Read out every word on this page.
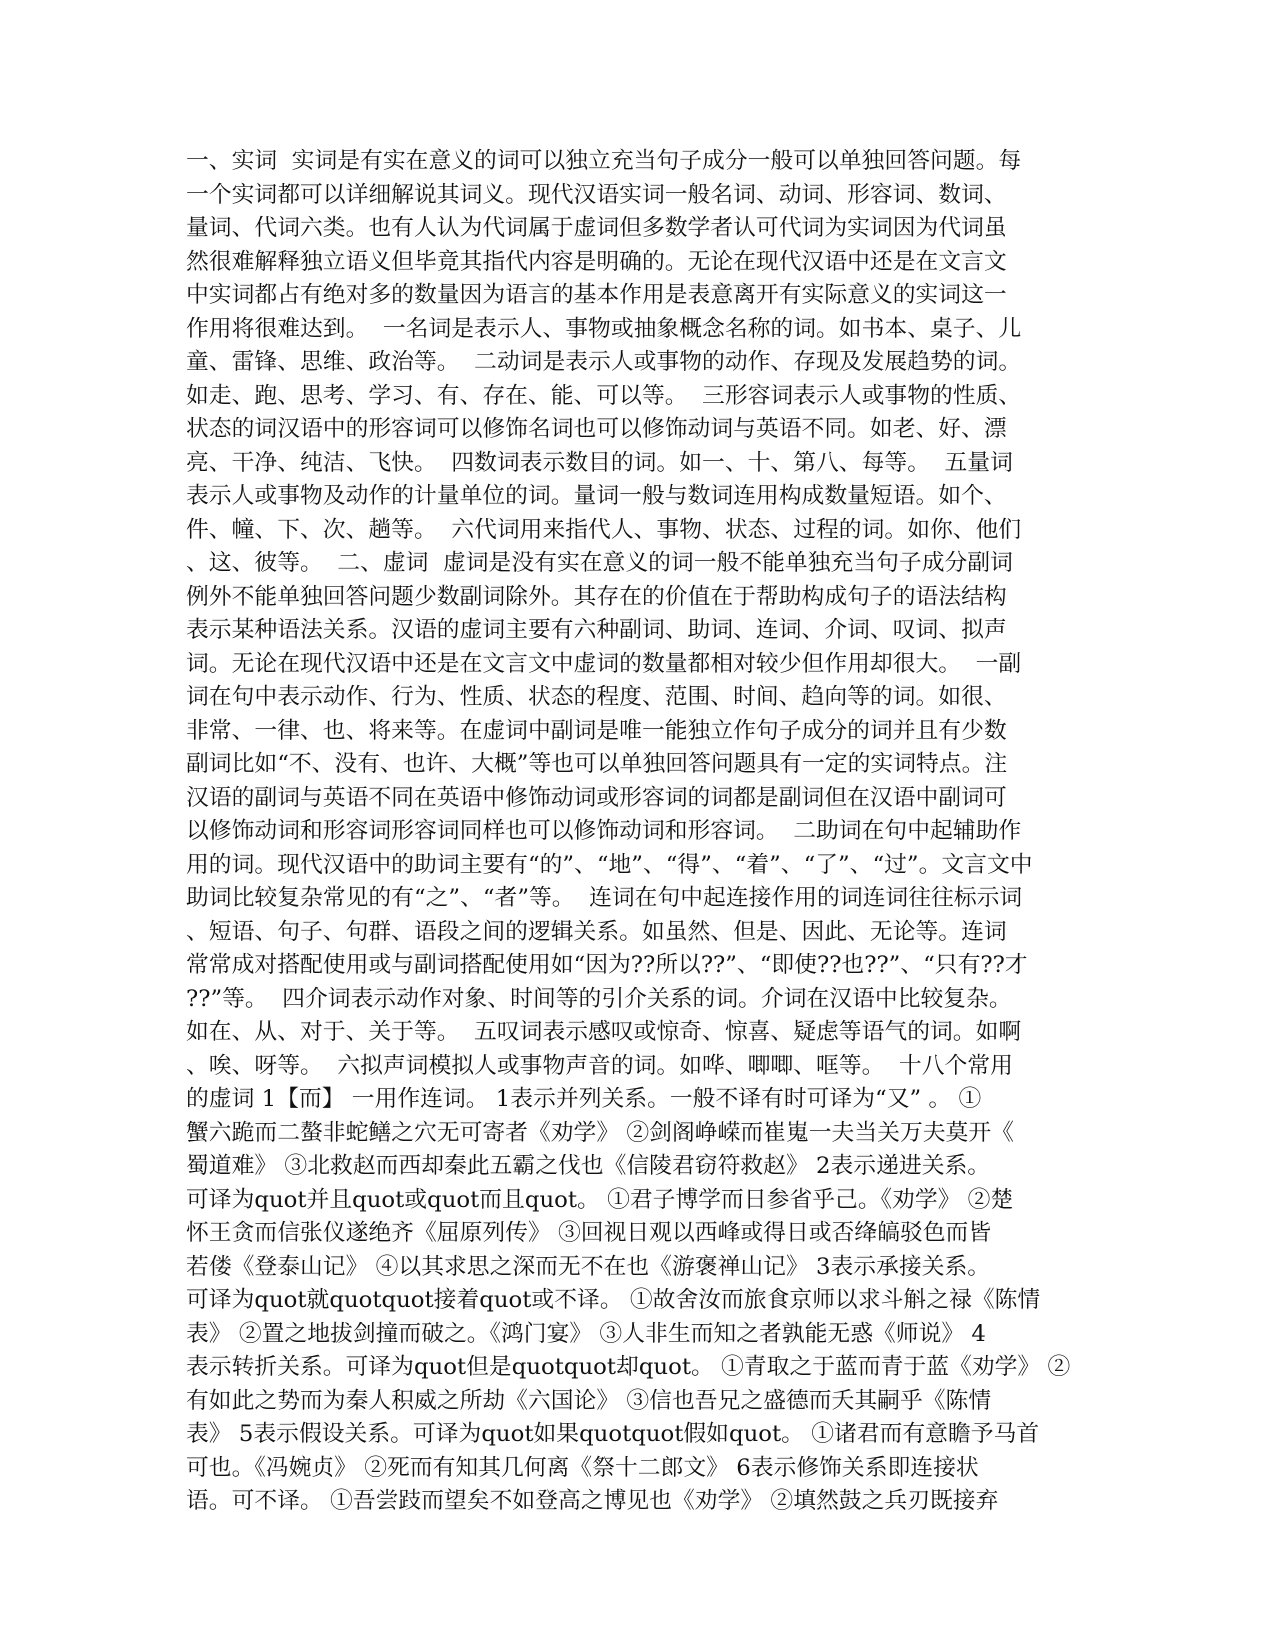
一、实词  实词是有实在意义的词可以独立充当句子成分一般可以单独回答问题。每
一个实词都可以详细解说其词义。现代汉语实词一般名词、动词、形容词、数词、
量词、代词六类。也有人认为代词属于虚词但多数学者认可代词为实词因为代词虽
然很难解释独立语义但毕竟其指代内容是明确的。无论在现代汉语中还是在文言文
中实词都占有绝对多的数量因为语言的基本作用是表意离开有实际意义的实词这一
作用将很难达到。  一名词是表示人、事物或抽象概念名称的词。如书本、桌子、儿
童、雷锋、思维、政治等。  二动词是表示人或事物的动作、存现及发展趋势的词。
如走、跑、思考、学习、有、存在、能、可以等。  三形容词表示人或事物的性质、
状态的词汉语中的形容词可以修饰名词也可以修饰动词与英语不同。如老、好、漂
亮、干净、纯洁、飞快。  四数词表示数目的词。如一、十、第八、每等。  五量词
表示人或事物及动作的计量单位的词。量词一般与数词连用构成数量短语。如个、
件、幢、下、次、趟等。  六代词用来指代人、事物、状态、过程的词。如你、他们
、这、彼等。  二、虚词  虚词是没有实在意义的词一般不能单独充当句子成分副词
例外不能单独回答问题少数副词除外。其存在的价值在于帮助构成句子的语法结构
表示某种语法关系。汉语的虚词主要有六种副词、助词、连词、介词、叹词、拟声
词。无论在现代汉语中还是在文言文中虚词的数量都相对较少但作用却很大。  一副
词在句中表示动作、行为、性质、状态的程度、范围、时间、趋向等的词。如很、
非常、一律、也、将来等。在虚词中副词是唯一能独立作句子成分的词并且有少数
副词比如“不、没有、也许、大概”等也可以单独回答问题具有一定的实词特点。注
汉语的副词与英语不同在英语中修饰动词或形容词的词都是副词但在汉语中副词可
以修饰动词和形容词形容词同样也可以修饰动词和形容词。  二助词在句中起辅助作
用的词。现代汉语中的助词主要有“的”、“地”、“得”、“着”、“了”、“过”。文言文中
助词比较复杂常见的有“之”、“者”等。  连词在句中起连接作用的词连词往往标示词
、短语、句子、句群、语段之间的逻辑关系。如虽然、但是、因此、无论等。连词
常常成对搭配使用或与副词搭配使用如“因为??所以??”、“即使??也??”、“只有??才
??”等。  四介词表示动作对象、时间等的引介关系的词。介词在汉语中比较复杂。
如在、从、对于、关于等。  五叹词表示感叹或惊奇、惊喜、疑虑等语气的词。如啊
、唉、呀等。  六拟声词模拟人或事物声音的词。如哗、唧唧、哐等。  十八个常用
的虚词 1【而】 一用作连词。 1表示并列关系。一般不译有时可译为“又” 。 ①
蟹六跪而二螯非蛇鳝之穴无可寄者《劝学》 ②剑阁峥嵘而崔嵬一夫当关万夫莫开《
蜀道难》 ③北救赵而西却秦此五霸之伐也《信陵君窃符救赵》 2表示递进关系。
可译为quot并且quot或quot而且quot。 ①君子博学而日参省乎己。《劝学》 ②楚
怀王贪而信张仪遂绝齐《屈原列传》 ③回视日观以西峰或得日或否绛皜驳色而皆
若偻《登泰山记》 ④以其求思之深而无不在也《游褒禅山记》 3表示承接关系。
可译为quot就quotquot接着quot或不译。 ①故舍汝而旅食京师以求斗斛之禄《陈情
表》 ②置之地拔剑撞而破之。《鸿门宴》 ③人非生而知之者孰能无惑《师说》 4
表示转折关系。可译为quot但是quotquot却quot。 ①青取之于蓝而青于蓝《劝学》 ②
有如此之势而为秦人积威之所劫《六国论》 ③信也吾兄之盛德而夭其嗣乎《陈情
表》 5表示假设关系。可译为quot如果quotquot假如quot。 ①诸君而有意瞻予马首
可也。《冯婉贞》 ②死而有知其几何离《祭十二郎文》 6表示修饰关系即连接状
语。可不译。 ①吾尝跂而望矣不如登高之博见也《劝学》 ②填然鼓之兵刃既接弃
